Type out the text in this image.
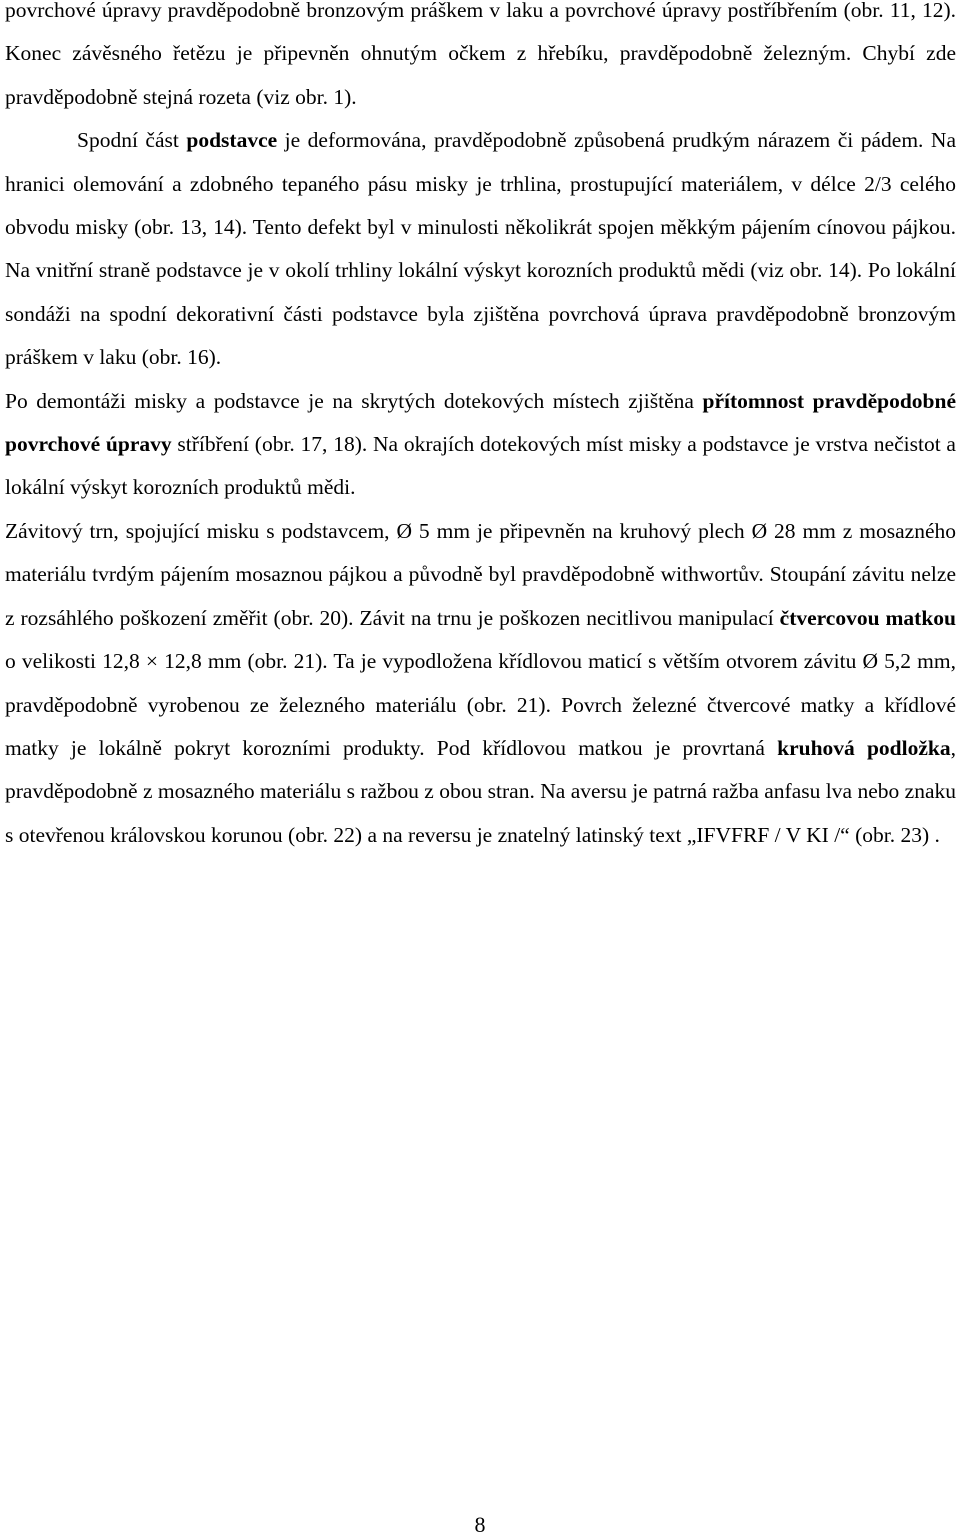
povrchové úpravy pravděpodobně bronzovým práškem v laku a povrchové úpravy postříbřením (obr. 11, 12). Konec závěsného řetězu je připevněn ohnutým očkem z hřebíku, pravděpodobně železným. Chybí zde pravděpodobně stejná rozeta (viz obr. 1).

Spodní část podstavce je deformována, pravděpodobně způsobená prudkým nárazem či pádem. Na hranici olemování a zdobného tepaného pásu misky je trhlina, prostupující materiálem, v délce 2/3 celého obvodu misky (obr. 13, 14). Tento defekt byl v minulosti několikrát spojen měkkým pájením cínovou pájkou. Na vnitřní straně podstavce je v okolí trhliny lokální výskyt korozních produktů mědi (viz obr. 14). Po lokální sondáži na spodní dekorativní části podstavce byla zjištěna povrchová úprava pravděpodobně bronzovým práškem v laku (obr. 16).

Po demontáži misky a podstavce je na skrytých dotekových místech zjištěna přítomnost pravděpodobné povrchové úpravy stříbření (obr. 17, 18). Na okrajích dotekových míst misky a podstavce je vrstva nečistot a lokální výskyt korozních produktů mědi.

Závitový trn, spojující misku s podstavcem, Ø 5 mm je připevněn na kruhový plech Ø 28 mm z mosazného materiálu tvrdým pájením mosaznou pájkou a původně byl pravděpodobně withwortův. Stoupání závitu nelze z rozsáhlého poškození změřit (obr. 20). Závit na trnu je poškozen necitlivou manipulací čtvercovou matkou o velikosti 12,8 × 12,8 mm (obr. 21). Ta je vypodložena křídlovou maticí s větším otvorem závitu Ø 5,2 mm, pravděpodobně vyrobenou ze železného materiálu (obr. 21). Povrch železné čtvercové matky a křídlové matky je lokálně pokryt korozními produkty. Pod křídlovou matkou je provrtaná kruhová podložka, pravděpodobně z mosazného materiálu s ražbou z obou stran. Na aversu je patrná ražba anfasu lva nebo znaku s otevřenou královskou korunou (obr. 22) a na reversu je znatelný latinský text „IFVFRF / V KI /“ (obr. 23) .

8
